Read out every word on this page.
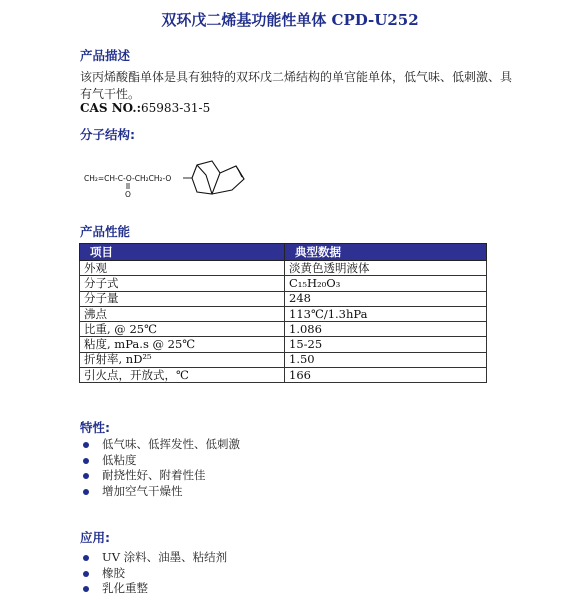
双环戊二烯基功能性单体 CPD-U252
产品描述
该丙烯酸酯单体是具有独特的双环戊二烯结构的单官能单体，低气味、低刺激、具有气干性。
CAS NO.:65983-31-5
分子结构:
CH₂=CH-C-O-CH₂CH₂-O
O
产品性能
项目	典型数据
外观	淡黄色透明液体
分子式	C₁₅H₂₀O₃
分子量	248
沸点	113℃/1.3hPa
比重, @ 25℃	1.086
粘度, mPa.s @ 25℃	15-25
折射率, nD²⁵	1.50
引火点，开放式，℃	166
特性:
低气味、低挥发性、低刺激
低粘度
耐挠性好、附着性佳
增加空气干燥性
应用:
UV 涂料、油墨、粘结剂
橡胶
乳化重整
